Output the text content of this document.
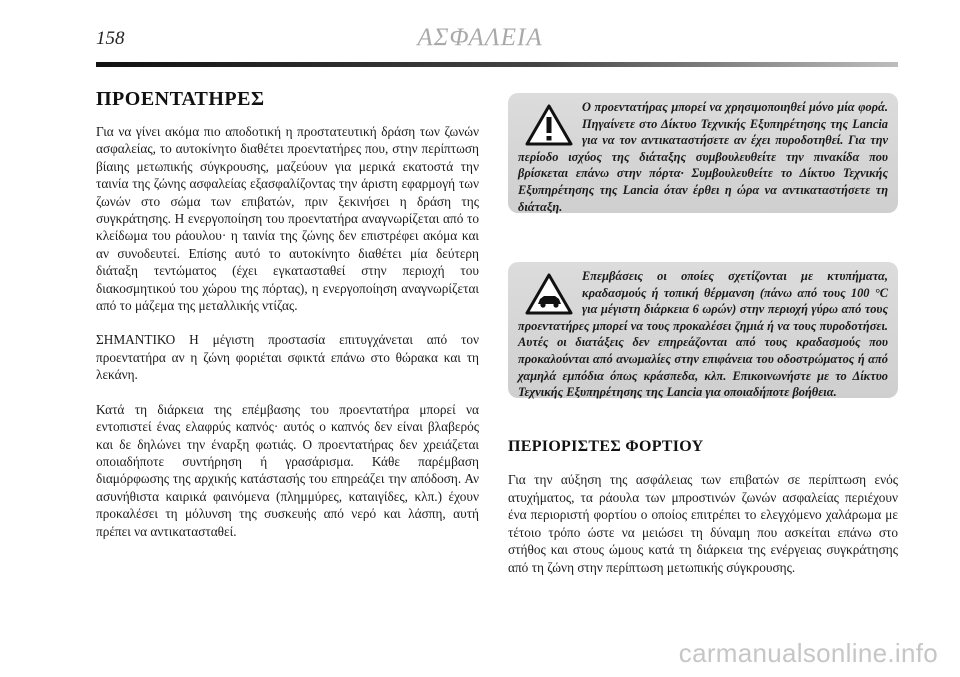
158	ΑΣΦΑΛΕΙΑ
ΠΡΟΕΝΤΑΤΗΡΕΣ

Για να γίνει ακόμα πιο αποδοτική η προστατευτική δράση των ζωνών ασφαλείας, το αυτοκίνητο διαθέτει προεντατήρες που, στην περίπτωση βίαιης μετωπικής σύγκρουσης, μαζεύουν για μερικά εκατοστά την ταινία της ζώνης ασφαλείας εξασφαλίζοντας την άριστη εφαρμογή των ζωνών στο σώμα των επιβατών, πριν ξεκινήσει η δράση της συγκράτησης. Η ενεργοποίηση του προεντατήρα αναγνωρίζεται από το κλείδωμα του ράουλου· η ταινία της ζώνης δεν επιστρέφει ακόμα και αν συνοδευτεί. Επίσης αυτό το αυτοκίνητο διαθέτει μία δεύτερη διάταξη τεντώματος (έχει εγκατασταθεί στην περιοχή του διακοσμητικού του χώρου της πόρτας), η ενεργοποίηση αναγνωρίζεται από το μάζεμα της μεταλλικής ντίζας.

ΣΗΜΑΝΤΙΚΟ Η μέγιστη προστασία επιτυγχάνεται από τον προεντατήρα αν η ζώνη φοριέται σφικτά επάνω στο θώρακα και τη λεκάνη.

Κατά τη διάρκεια της επέμβασης του προεντατήρα μπορεί να εντοπιστεί ένας ελαφρύς καπνός· αυτός ο καπνός δεν είναι βλαβερός και δε δηλώνει την έναρξη φωτιάς. Ο προεντατήρας δεν χρειάζεται οποιαδήποτε συντήρηση ή γρασάρισμα. Κάθε παρέμβαση διαμόρφωσης της αρχικής κατάστασής του επηρεάζει την απόδοση. Αν ασυνήθιστα καιρικά φαινόμενα (πλημμύρες, καταιγίδες, κλπ.) έχουν προκαλέσει τη μόλυνση της συσκευής από νερό και λάσπη, αυτή πρέπει να αντικατασταθεί.

Ο προεντατήρας μπορεί να χρησιμοποιηθεί μόνο μία φορά. Πηγαίνετε στο Δίκτυο Τεχνικής Εξυπηρέτησης της Lancia για να τον αντικαταστήσετε αν έχει πυροδοτηθεί. Για την περίοδο ισχύος της διάταξης συμβουλευθείτε την πινακίδα που βρίσκεται επάνω στην πόρτα· Συμβουλευθείτε το Δίκτυο Τεχνικής Εξυπηρέτησης της Lancia όταν έρθει η ώρα να αντικαταστήσετε τη διάταξη.
Επεμβάσεις οι οποίες σχετίζονται με κτυπήματα, κραδασμούς ή τοπική θέρμανση (πάνω από τους 100 °C για μέγιστη διάρκεια 6 ωρών) στην περιοχή γύρω από τους προεντατήρες μπορεί να τους προκαλέσει ζημιά ή να τους πυροδοτήσει. Αυτές οι διατάξεις δεν επηρεάζονται από τους κραδασμούς που προκαλούνται από ανωμαλίες στην επιφάνεια του οδοστρώματος ή από χαμηλά εμπόδια όπως κράσπεδα, κλπ. Επικοινωνήστε με το Δίκτυο Τεχνικής Εξυπηρέτησης της Lancia για οποιαδήποτε βοήθεια.
ΠΕΡΙΟΡΙΣΤΕΣ ΦΟΡΤΙΟΥ

Για την αύξηση της ασφάλειας των επιβατών σε περίπτωση ενός ατυχήματος, τα ράουλα των μπροστινών ζωνών ασφαλείας περιέχουν ένα περιοριστή φορτίου ο οποίος επιτρέπει το ελεγχόμενο χαλάρωμα με τέτοιο τρόπο ώστε να μειώσει τη δύναμη που ασκείται επάνω στο στήθος και στους ώμους κατά τη διάρκεια της ενέργειας συγκράτησης από τη ζώνη στην περίπτωση μετωπικής σύγκρουσης.

carmanualsonline.info
